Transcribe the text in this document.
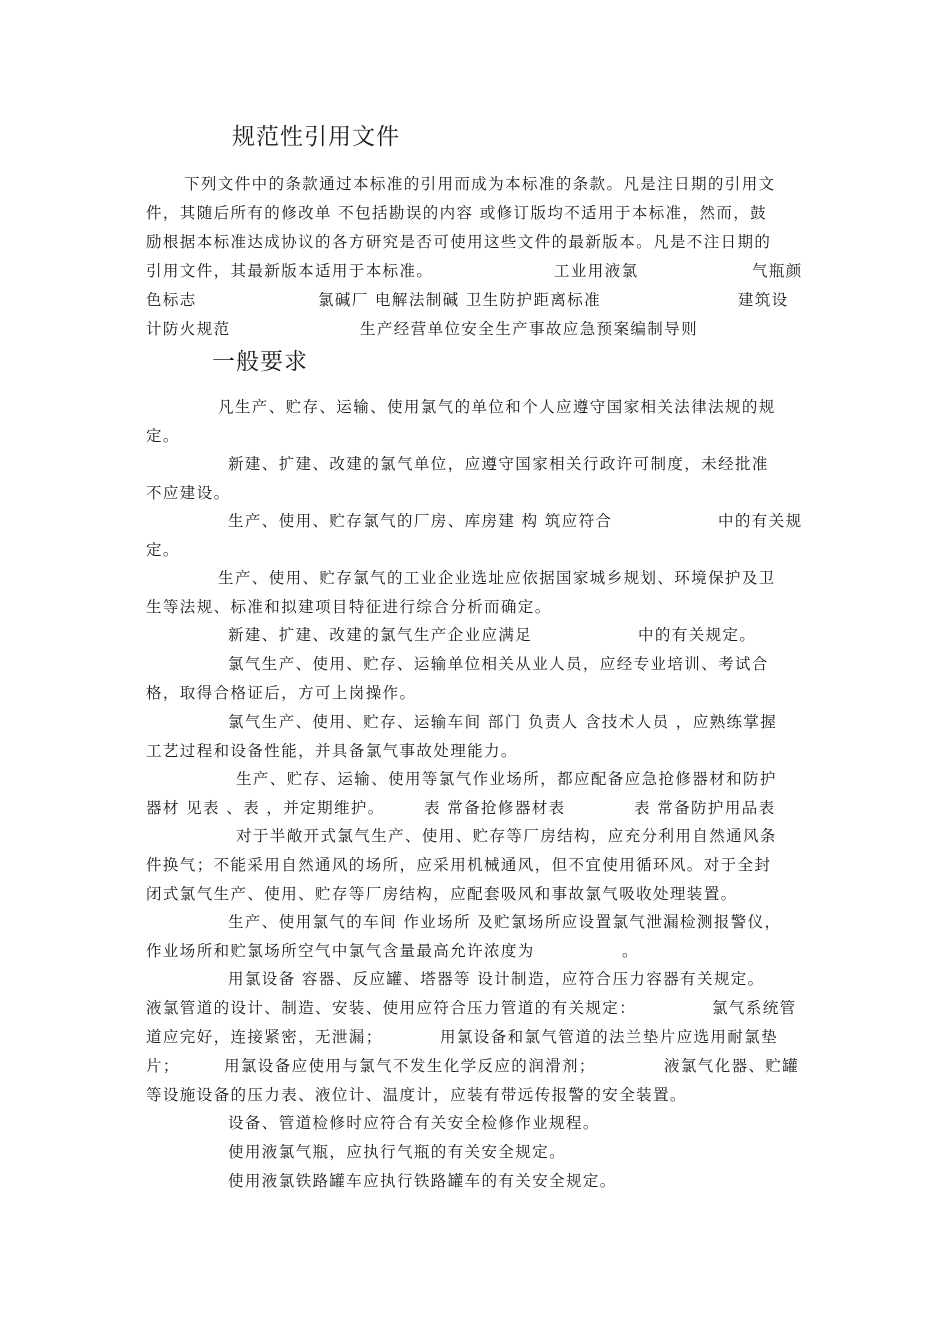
规范性引用文件
下列文件中的条款通过本标准的引用而成为本标准的条款。凡是注日期的引用文
件，其随后所有的修改单 不包括勘误的内容 或修订版均不适用于本标准，然而，鼓
励根据本标准达成协议的各方研究是否可使用这些文件的最新版本。凡是不注日期的
引用文件，其最新版本适用于本标准。	工业用液氯	气瓶颜
色标志	氯碱厂 电解法制碱 卫生防护距离标准	建筑设
计防火规范	生产经营单位安全生产事故应急预案编制导则
一般要求
凡生产、贮存、运输、使用氯气的单位和个人应遵守国家相关法律法规的规
定。
新建、扩建、改建的氯气单位，应遵守国家相关行政许可制度，未经批准
不应建设。
生产、使用、贮存氯气的厂房、库房建 构 筑应符合	中的有关规
定。
生产、使用、贮存氯气的工业企业选址应依据国家城乡规划、环境保护及卫
生等法规、标准和拟建项目特征进行综合分析而确定。
新建、扩建、改建的氯气生产企业应满足	中的有关规定。
氯气生产、使用、贮存、运输单位相关从业人员，应经专业培训、考试合
格，取得合格证后，方可上岗操作。
氯气生产、使用、贮存、运输车间 部门 负责人 含技术人员 ，应熟练掌握
工艺过程和设备性能，并具备氯气事故处理能力。
生产、贮存、运输、使用等氯气作业场所，都应配备应急抢修器材和防护
器材 见表 、表 ，并定期维护。	表 常备抢修器材表	表 常备防护用品表
对于半敞开式氯气生产、使用、贮存等厂房结构，应充分利用自然通风条
件换气；不能采用自然通风的场所，应采用机械通风，但不宜使用循环风。对于全封
闭式氯气生产、使用、贮存等厂房结构，应配套吸风和事故氯气吸收处理装置。
生产、使用氯气的车间 作业场所 及贮氯场所应设置氯气泄漏检测报警仪，
作业场所和贮氯场所空气中氯气含量最高允许浓度为	。
用氯设备 容器、反应罐、塔器等 设计制造，应符合压力容器有关规定。
液氯管道的设计、制造、安装、使用应符合压力管道的有关规定：	氯气系统管
道应完好，连接紧密，无泄漏；	用氯设备和氯气管道的法兰垫片应选用耐氯垫
片；	用氯设备应使用与氯气不发生化学反应的润滑剂；	液氯气化器、贮罐
等设施设备的压力表、液位计、温度计，应装有带远传报警的安全装置。
设备、管道检修时应符合有关安全检修作业规程。
使用液氯气瓶，应执行气瓶的有关安全规定。
使用液氯铁路罐车应执行铁路罐车的有关安全规定。
